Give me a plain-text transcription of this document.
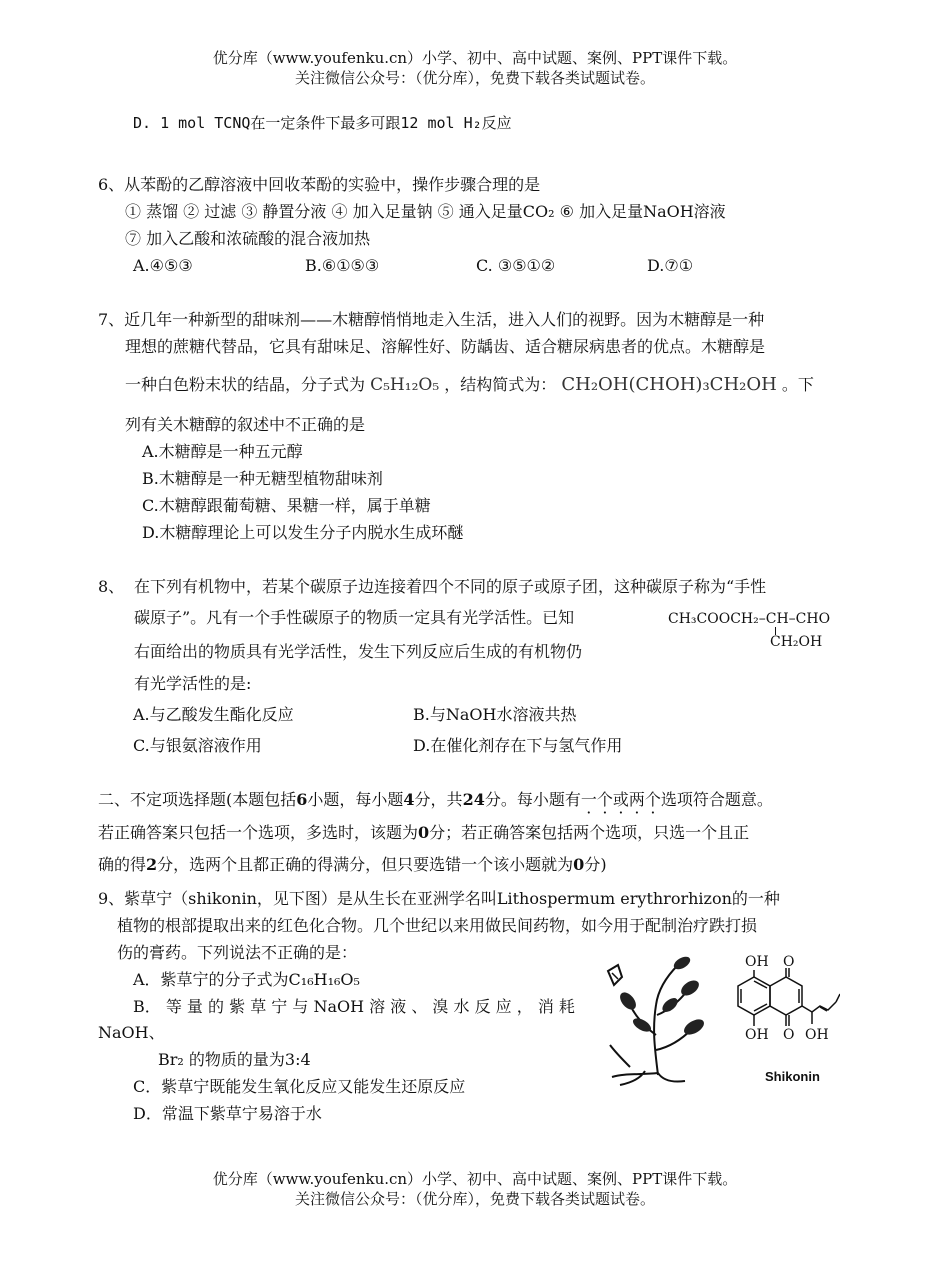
优分库（www.youfenku.cn）小学、初中、高中试题、案例、PPT课件下载。
关注微信公众号：（优分库），免费下载各类试题试卷。
D. 1 mol TCNQ在一定条件下最多可跟12 mol H₂反应
6、从苯酚的乙醇溶液中回收苯酚的实验中，操作步骤合理的是
① 蒸馏 ② 过滤 ③ 静置分液 ④ 加入足量钠 ⑤ 通入足量CO₂ ⑥ 加入足量NaOH溶液
⑦ 加入乙酸和浓硫酸的混合液加热
A.④⑤③	B.⑥①⑤③	C. ③⑤①②	D.⑦①
7、近几年一种新型的甜味剂——木糖醇悄悄地走入生活，进入人们的视野。因为木糖醇是一种
理想的蔗糖代替品，它具有甜味足、溶解性好、防龋齿、适合糖尿病患者的优点。木糖醇是
一种白色粉末状的结晶，分子式为 C₅H₁₂O₅ ，结构简式为： CH₂OH(CHOH)₃CH₂OH 。下
列有关木糖醇的叙述中不正确的是
A.木糖醇是一种五元醇
B.木糖醇是一种无糖型植物甜味剂
C.木糖醇跟葡萄糖、果糖一样，属于单糖
D.木糖醇理论上可以发生分子内脱水生成环醚
8、 在下列有机物中，若某个碳原子边连接着四个不同的原子或原子团，这种碳原子称为“手性
碳原子”。凡有一个手性碳原子的物质一定具有光学活性。已知	CH₃COOCH₂–CH–CHO
CH₂OH
右面给出的物质具有光学活性，发生下列反应后生成的有机物仍
有光学活性的是:
A.与乙酸发生酯化反应	B.与NaOH水溶液共热
C.与银氨溶液作用	D.在催化剂存在下与氢气作用
二、不定项选择题(本题包括6小题，每小题4分，共24分。每小题有一个或两个选项符合题意。
若正确答案只包括一个选项，多选时，该题为0分；若正确答案包括两个选项，只选一个且正
确的得2分，选两个且都正确的得满分，但只要选错一个该小题就为0分)
9、紫草宁（shikonin，见下图）是从生长在亚洲学名叫Lithospermum erythrorhizon的一种
植物的根部提取出来的红色化合物。几个世纪以来用做民间药物，如今用于配制治疗跌打损
伤的膏药。下列说法不正确的是：
A．紫草宁的分子式为C₁₆H₁₆O₅
B． 等 量 的 紫 草 宁 与 NaOH 溶 液 、 溴 水 反 应 ， 消 耗
NaOH、
Br₂ 的物质的量为3:4
C．紫草宁既能发生氧化反应又能发生还原反应
D．常温下紫草宁易溶于水
OH O
OH O OH
Shikonin
优分库（www.youfenku.cn）小学、初中、高中试题、案例、PPT课件下载。
关注微信公众号：（优分库），免费下载各类试题试卷。
